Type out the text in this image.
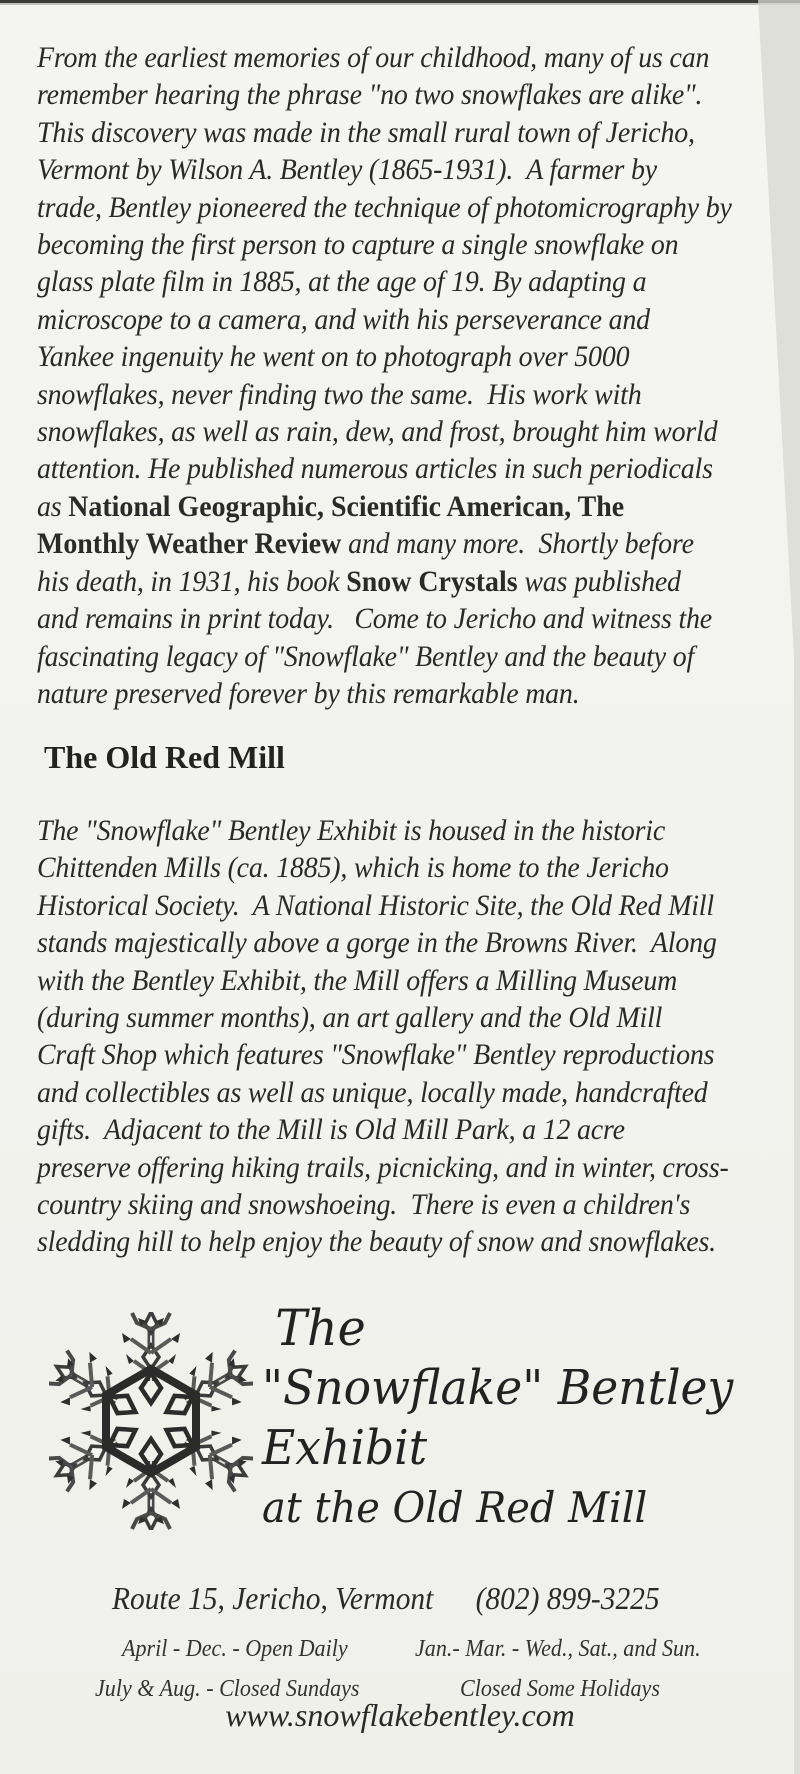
From the earliest memories of our childhood, many of us can
remember hearing the phrase "no two snowflakes are alike".
This discovery was made in the small rural town of Jericho,
Vermont by Wilson A. Bentley (1865-1931).  A farmer by
trade, Bentley pioneered the technique of photomicrography by
becoming the first person to capture a single snowflake on
glass plate film in 1885, at the age of 19. By adapting a
microscope to a camera, and with his perseverance and
Yankee ingenuity he went on to photograph over 5000
snowflakes, never finding two the same.  His work with
snowflakes, as well as rain, dew, and frost, brought him world
attention. He published numerous articles in such periodicals
as National Geographic, Scientific American, The
Monthly Weather Review and many more.  Shortly before
his death, in 1931, his book Snow Crystals was published
and remains in print today.   Come to Jericho and witness the
fascinating legacy of "Snowflake" Bentley and the beauty of
nature preserved forever by this remarkable man.
The Old Red Mill
The "Snowflake" Bentley Exhibit is housed in the historic
Chittenden Mills (ca. 1885), which is home to the Jericho
Historical Society.  A National Historic Site, the Old Red Mill
stands majestically above a gorge in the Browns River.  Along
with the Bentley Exhibit, the Mill offers a Milling Museum
(during summer months), an art gallery and the Old Mill
Craft Shop which features "Snowflake" Bentley reproductions
and collectibles as well as unique, locally made, handcrafted
gifts.  Adjacent to the Mill is Old Mill Park, a 12 acre
preserve offering hiking trails, picnicking, and in winter, cross-
country skiing and snowshoeing.  There is even a children's
sledding hill to help enjoy the beauty of snow and snowflakes.
The
"Snowflake" Bentley
Exhibit
at the Old Red Mill
Route 15, Jericho, Vermont (802) 899-3225
April - Dec. - Open Daily	Jan.- Mar. - Wed., Sat., and Sun.
July & Aug. - Closed Sundays	Closed Some Holidays
www.snowflakebentley.com
